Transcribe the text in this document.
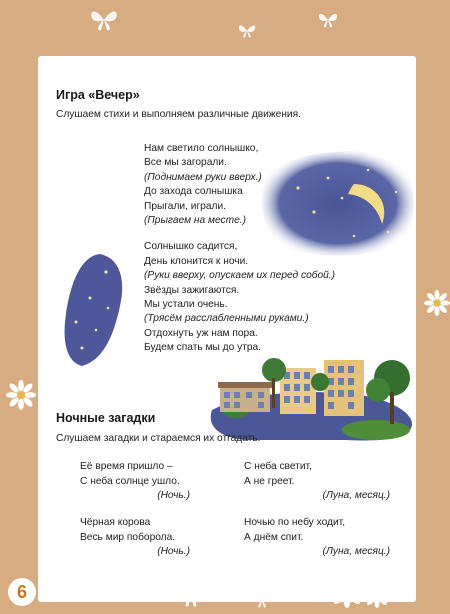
Игра «Вечер»
Слушаем стихи и выполняем различные движения.
Нам светило солнышко,
Все мы загорали.
(Поднимаем руки вверх.)
До захода солнышка
Прыгали, играли.
(Прыгаем на месте.)
Солнышко садится,
День клонится к ночи.
(Руки вверху, опускаем их перед собой.)
Звёзды зажигаются.
Мы устали очень.
(Трясём расслабленными руками.)
Отдохнуть уж нам пора.
Будем спать мы до утра.
Ночные загадки
Слушаем загадки и стараемся их отгадать.
Её время пришло –
С неба солнце ушло.
(Ночь.)
С неба светит,
А не греет.
(Луна, месяц.)
Чёрная корова
Весь мир поборола.
(Ночь.)
Ночью по небу ходит,
А днём спит.
(Луна, месяц.)
6
